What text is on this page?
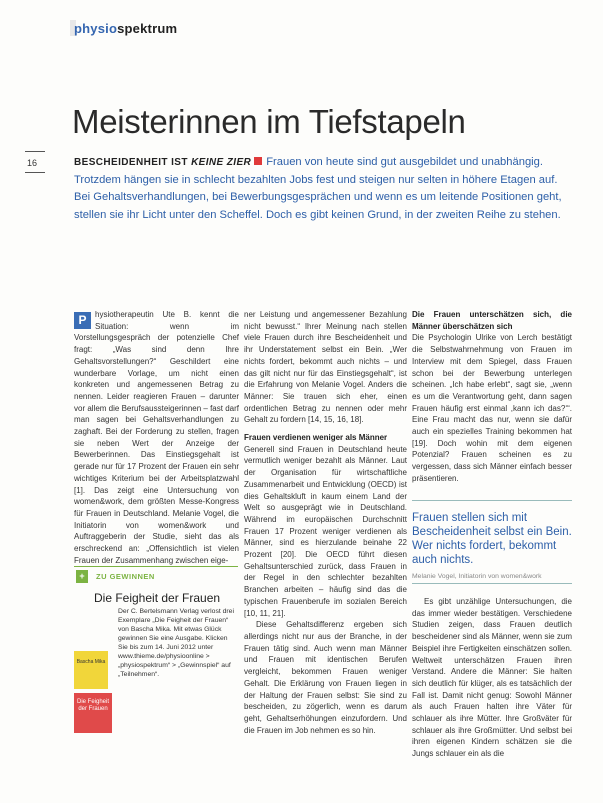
physiospektrum
16
Meisterinnen im Tiefstapeln
BESCHEIDENHEIT IST KEINE ZIER Frauen von heute sind gut ausgebildet und unabhängig. Trotzdem hängen sie in schlecht bezahlten Jobs fest und steigen nur selten in höhere Etagen auf. Bei Gehaltsverhandlungen, bei Bewerbungsgesprächen und wenn es um leitende Positionen geht, stellen sie ihr Licht unter den Scheffel. Doch es gibt keinen Grund, in der zweiten Reihe zu stehen.
P	hysiotherapeutin Ute B. kennt die Situation: wenn im Vorstellungsgespräch der potenzielle Chef fragt: „Was sind denn Ihre Gehaltsvorstellungen?“ Geschildert eine wunderbare Vorlage, um nicht einen konkreten und angemessenen Betrag zu nennen. Leider reagieren Frauen – darunter vor allem die Berufsaussteigerinnen – fast darf man sagen bei Gehaltsverhandlungen zu zaghaft. Bei der Forderung zu stellen, fragen sie neben Wert der Anzeige der Bewerberinnen. Das Einstiegsgehalt ist gerade nur für 17 Prozent der Frauen ein sehr wichtiges Kriterium bei der Arbeitsplatzwahl [1]. Das zeigt eine Untersuchung von women&work, dem größten Messe-Kongress für Frauen in Deutschland. Melanie Vogel, die Initiatorin von women&work und Auftraggeberin der Studie, sieht das als erschreckend an: „Offensichtlich ist vielen Frauen der Zusammenhang zwischen eige-
+	ZU GEWINNEN
Die Feigheit der Frauen
Der C. Bertelsmann Verlag verlost drei Exemplare „Die Feigheit der Frauen“ von Bascha Mika. Mit etwas Glück gewinnen Sie eine Ausgabe. Klicken Sie bis zum 14. Juni 2012 unter www.thieme.de/physioonline > „physiospektrum“ > „Gewinnspiel“ auf „Teilnehmen“.
Bascha Mika
Die Feigheit der Frauen

ner Leistung und angemessener Bezahlung nicht bewusst.“ Ihrer Meinung nach stellen viele Frauen durch ihre Bescheidenheit und ihr Understatement selbst ein Bein. „Wer nichts fordert, bekommt auch nichts – und das gilt nicht nur für das Einstiegsgehalt“, ist die Erfahrung von Melanie Vogel. Anders die Männer: Sie trauen sich eher, einen ordentlichen Betrag zu nennen oder mehr Gehalt zu fordern [14, 15, 16, 18].

Frauen verdienen weniger als Männer

Generell sind Frauen in Deutschland heute vermutlich weniger bezahlt als Männer. Laut der Organisation für wirtschaftliche Zusammenarbeit und Entwicklung (OECD) ist dies Gehaltskluft in kaum einem Land der Welt so ausgeprägt wie in Deutschland. Während im europäischen Durchschnitt Frauen 17 Prozent weniger verdienen als Männer, sind es hierzulande beinahe 22 Prozent [20]. Die OECD führt diesen Gehaltsunterschied zurück, dass Frauen in der Regel in den schlechter bezahlten Branchen arbeiten – häufig sind das die typischen Frauenberufe im sozialen Bereich [10, 11, 21].

Diese Gehaltsdifferenz ergeben sich allerdings nicht nur aus der Branche, in der Frauen tätig sind. Auch wenn man Männer und Frauen mit identischen Berufen vergleicht, bekommen Frauen weniger Gehalt. Die Erklärung von Frauen liegen in der Haltung der Frauen selbst: Sie sind zu bescheiden, zu zögerlich, wenn es darum geht, Gehaltserhöhungen einzufordern. Und die Frauen im Job nehmen es so hin.

Die Frauen unterschätzen sich, die Männer überschätzen sich

Die Psychologin Ulrike von Lerch bestätigt die Selbstwahrnehmung von Frauen im Interview mit dem Spiegel, dass Frauen schon bei der Bewerbung unterlegen scheinen. „Ich habe erlebt“, sagt sie, „wenn es um die Verantwortung geht, dann sagen Frauen häufig erst einmal ,kann ich das?‘“. Eine Frau macht das nur, wenn sie dafür auch ein spezielles Training bekommen hat [19]. Doch wohin mit dem eigenen Potenzial? Frauen scheinen es zu vergessen, dass sich Männer einfach besser präsentieren.

Frauen stellen sich mit Bescheidenheit selbst ein Bein. Wer nichts fordert, bekommt auch nichts.
Melanie Vogel, Initiatorin von women&work

Es gibt unzählige Untersuchungen, die das immer wieder bestätigen. Verschiedene Studien zeigen, dass Frauen deutlich bescheidener sind als Männer, wenn sie zum Beispiel ihre Fertigkeiten einschätzen sollen. Weltweit unterschätzen Frauen ihren Verstand. Andere die Männer: Sie halten sich deutlich für klüger, als es tatsächlich der Fall ist. Damit nicht genug: Sowohl Männer als auch Frauen halten ihre Väter für schlauer als ihre Mütter. Ihre Großväter für schlauer als ihre Großmütter. Und selbst bei ihren eigenen Kindern schätzen sie die Jungs schlauer ein als die
